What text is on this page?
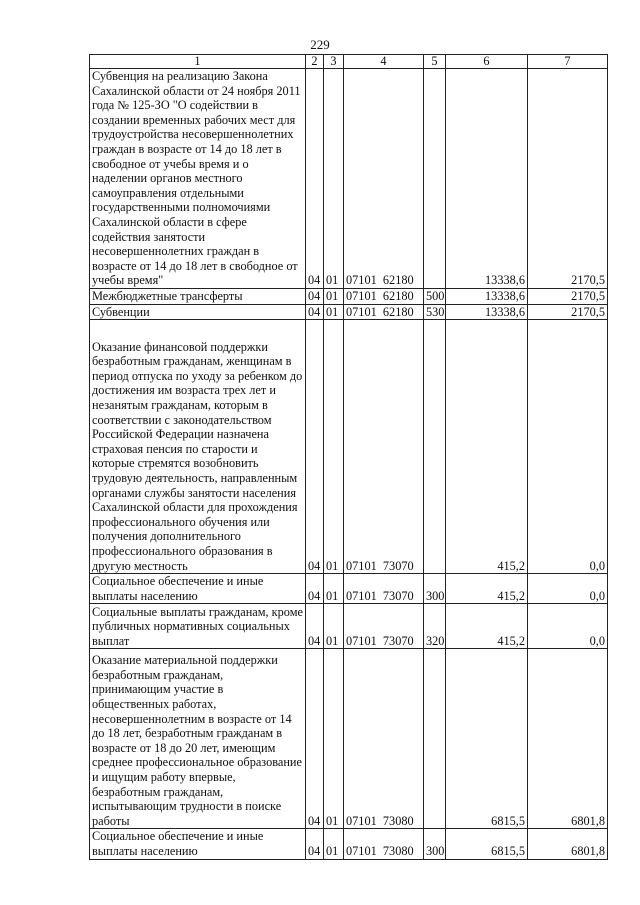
229
1	2	3	4	5	6	7
Субвенция на реализацию Закона Сахалинской области от 24 ноября 2011 года № 125-ЗО "О содействии в создании временных рабочих мест для трудоустройства несовершеннолетних граждан в возрасте от 14 до 18 лет в свободное от учебы время и о наделении органов местного самоуправления отдельными государственными полномочиями Сахалинской области в сфере содействия занятости несовершеннолетних граждан в возрасте от 14 до 18 лет в свободное от учебы время"	04	01	07101  62180		13338,6	2170,5
Межбюджетные трансферты	04	01	07101  62180	500	13338,6	2170,5
Субвенции	04	01	07101  62180	530	13338,6	2170,5
Оказание финансовой поддержки безработным гражданам, женщинам в период отпуска по уходу за ребенком до достижения им возраста трех лет и незанятым гражданам, которым в соответствии с законодательством Российской Федерации назначена страховая пенсия по старости и которые стремятся возобновить трудовую деятельность, направленным органами службы занятости населения Сахалинской области для прохождения профессионального обучения или получения дополнительного профессионального образования в другую местность	04	01	07101  73070		415,2	0,0
Социальное обеспечение и иные выплаты населению	04	01	07101  73070	300	415,2	0,0
Социальные выплаты гражданам, кроме публичных нормативных социальных выплат	04	01	07101  73070	320	415,2	0,0
Оказание материальной поддержки безработным гражданам, принимающим участие в общественных работах, несовершеннолетним в возрасте от 14 до 18 лет, безработным гражданам в возрасте от 18 до 20 лет, имеющим среднее профессиональное образование и ищущим работу впервые, безработным гражданам, испытывающим трудности в поиске работы	04	01	07101  73080		6815,5	6801,8
Социальное обеспечение и иные выплаты населению	04	01	07101  73080	300	6815,5	6801,8
